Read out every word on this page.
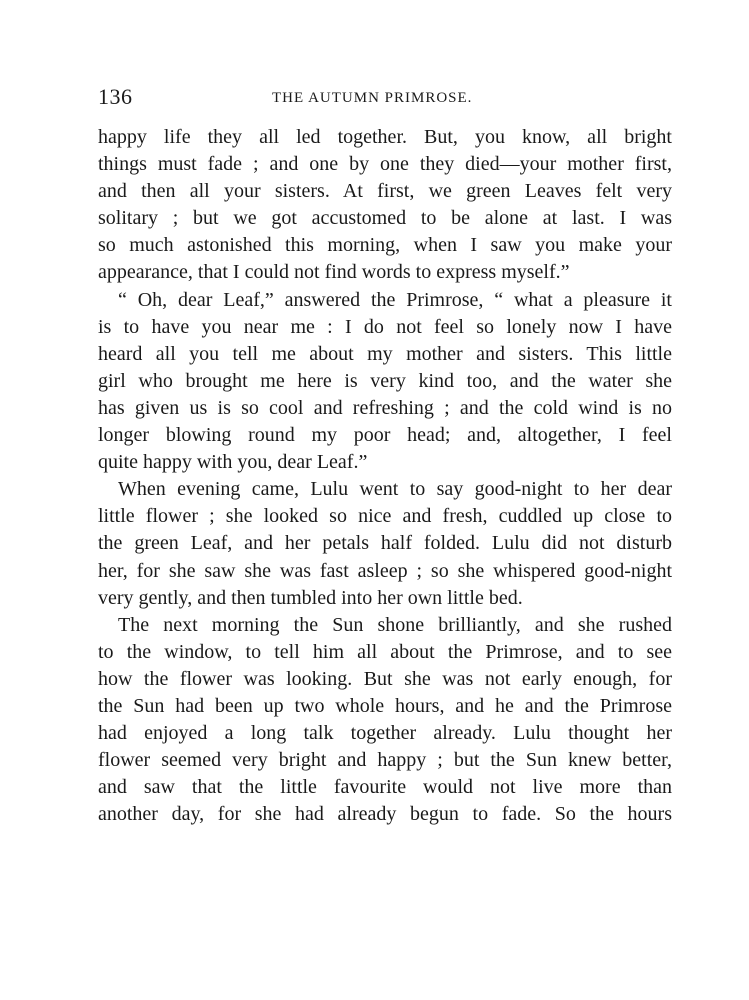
136	THE AUTUMN PRIMROSE.
happy life they all led together. But, you know, all bright
things must fade ; and one by one they died—your mother first,
and then all your sisters. At first, we green Leaves felt very
solitary ; but we got accustomed to be alone at last. I was
so much astonished this morning, when I saw you make your
appearance, that I could not find words to express myself.”
“ Oh, dear Leaf,” answered the Primrose, “ what a pleasure it
is to have you near me : I do not feel so lonely now I have
heard all you tell me about my mother and sisters. This little
girl who brought me here is very kind too, and the water she
has given us is so cool and refreshing ; and the cold wind is no
longer blowing round my poor head; and, altogether, I feel
quite happy with you, dear Leaf.”
When evening came, Lulu went to say good-night to her dear
little flower ; she looked so nice and fresh, cuddled up close to
the green Leaf, and her petals half folded. Lulu did not disturb
her, for she saw she was fast asleep ; so she whispered good-night
very gently, and then tumbled into her own little bed.
The next morning the Sun shone brilliantly, and she rushed
to the window, to tell him all about the Primrose, and to see
how the flower was looking. But she was not early enough, for
the Sun had been up two whole hours, and he and the Primrose
had enjoyed a long talk together already. Lulu thought her
flower seemed very bright and happy ; but the Sun knew better,
and saw that the little favourite would not live more than
another day, for she had already begun to fade. So the hours
